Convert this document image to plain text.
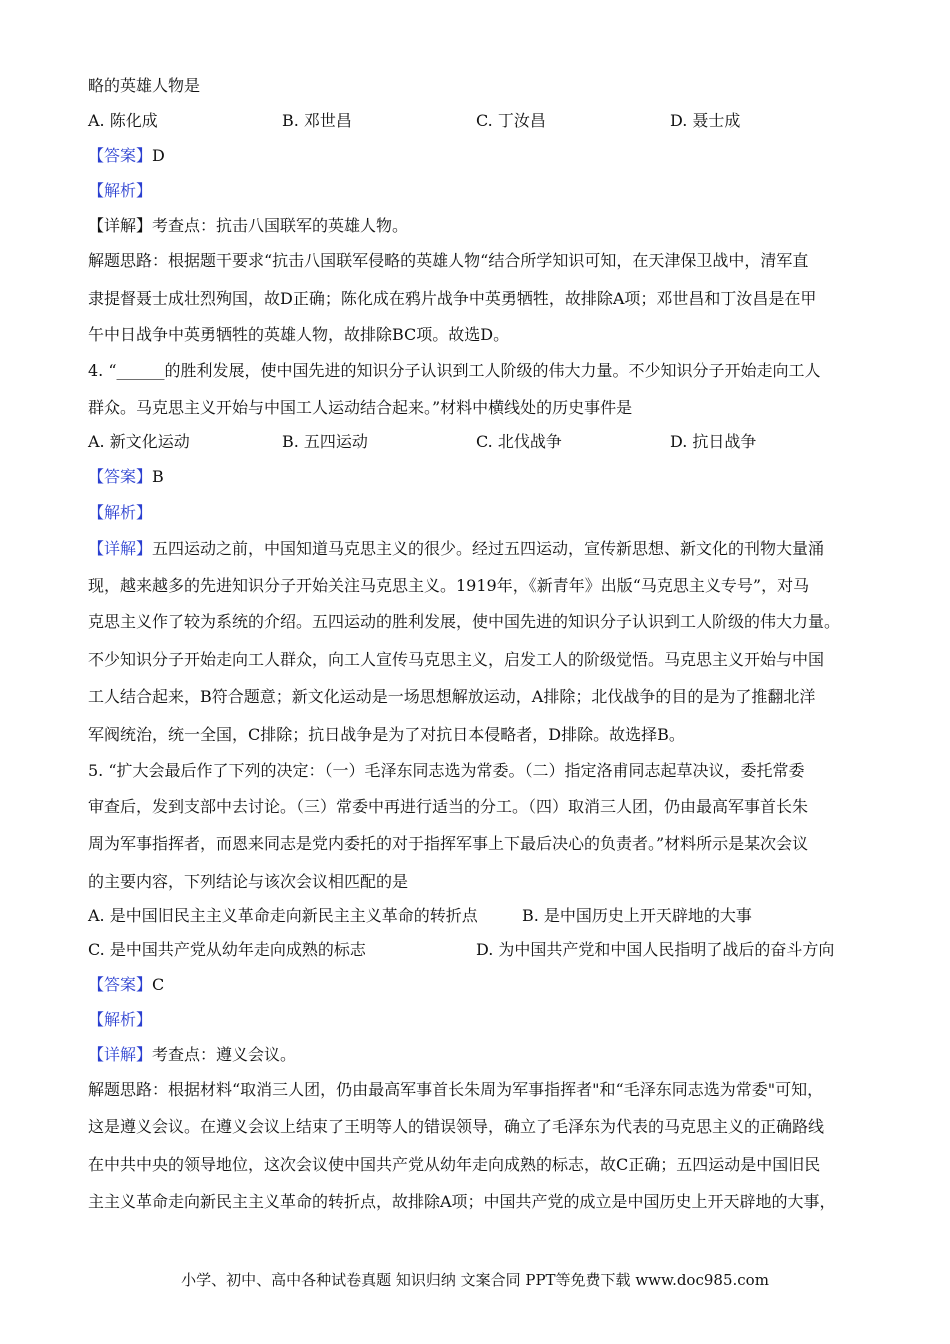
略的英雄人物是
A. 陈化成	B. 邓世昌	C. 丁汝昌	D. 聂士成
【答案】D
【解析】
【详解】考查点：抗击八国联军的英雄人物。
解题思路：根据题干要求“抗击八国联军侵略的英雄人物“结合所学知识可知，在天津保卫战中，清军直
隶提督聂士成壮烈殉国，故D正确；陈化成在鸦片战争中英勇牺牲，故排除A项；邓世昌和丁汝昌是在甲
午中日战争中英勇牺牲的英雄人物，故排除BC项。故选D。
4. “______的胜利发展，使中国先进的知识分子认识到工人阶级的伟大力量。不少知识分子开始走向工人
群众。马克思主义开始与中国工人运动结合起来。”材料中横线处的历史事件是
A. 新文化运动	B. 五四运动	C. 北伐战争	D. 抗日战争
【答案】B
【解析】
【详解】五四运动之前，中国知道马克思主义的很少。经过五四运动，宣传新思想、新文化的刊物大量涌
现，越来越多的先进知识分子开始关注马克思主义。1919年，《新青年》出版“马克思主义专号”，对马
克思主义作了较为系统的介绍。五四运动的胜利发展，使中国先进的知识分子认识到工人阶级的伟大力量。
不少知识分子开始走向工人群众，向工人宣传马克思主义，启发工人的阶级觉悟。马克思主义开始与中国
工人结合起来，B符合题意；新文化运动是一场思想解放运动，A排除；北伐战争的目的是为了推翻北洋
军阀统治，统一全国，C排除；抗日战争是为了对抗日本侵略者，D排除。故选择B。
5. “扩大会最后作了下列的决定：（一）毛泽东同志选为常委。（二）指定洛甫同志起草决议，委托常委
审查后，发到支部中去讨论。（三）常委中再进行适当的分工。（四）取消三人团，仍由最高军事首长朱
周为军事指挥者，而恩来同志是党内委托的对于指挥军事上下最后决心的负责者。”材料所示是某次会议
的主要内容，下列结论与该次会议相匹配的是
A. 是中国旧民主主义革命走向新民主主义革命的转折点	B. 是中国历史上开天辟地的大事
C. 是中国共产党从幼年走向成熟的标志	D. 为中国共产党和中国人民指明了战后的奋斗方向
【答案】C
【解析】
【详解】考查点：遵义会议。
解题思路：根据材料“取消三人团，仍由最高军事首长朱周为军事指挥者"和“毛泽东同志选为常委"可知，
这是遵义会议。在遵义会议上结束了王明等人的错误领导，确立了毛泽东为代表的马克思主义的正确路线
在中共中央的领导地位，这次会议使中国共产党从幼年走向成熟的标志，故C正确；五四运动是中国旧民
主主义革命走向新民主主义革命的转折点，故排除A项；中国共产党的成立是中国历史上开天辟地的大事，
小学、初中、高中各种试卷真题 知识归纳 文案合同 PPT等免费下载 www.doc985.com
